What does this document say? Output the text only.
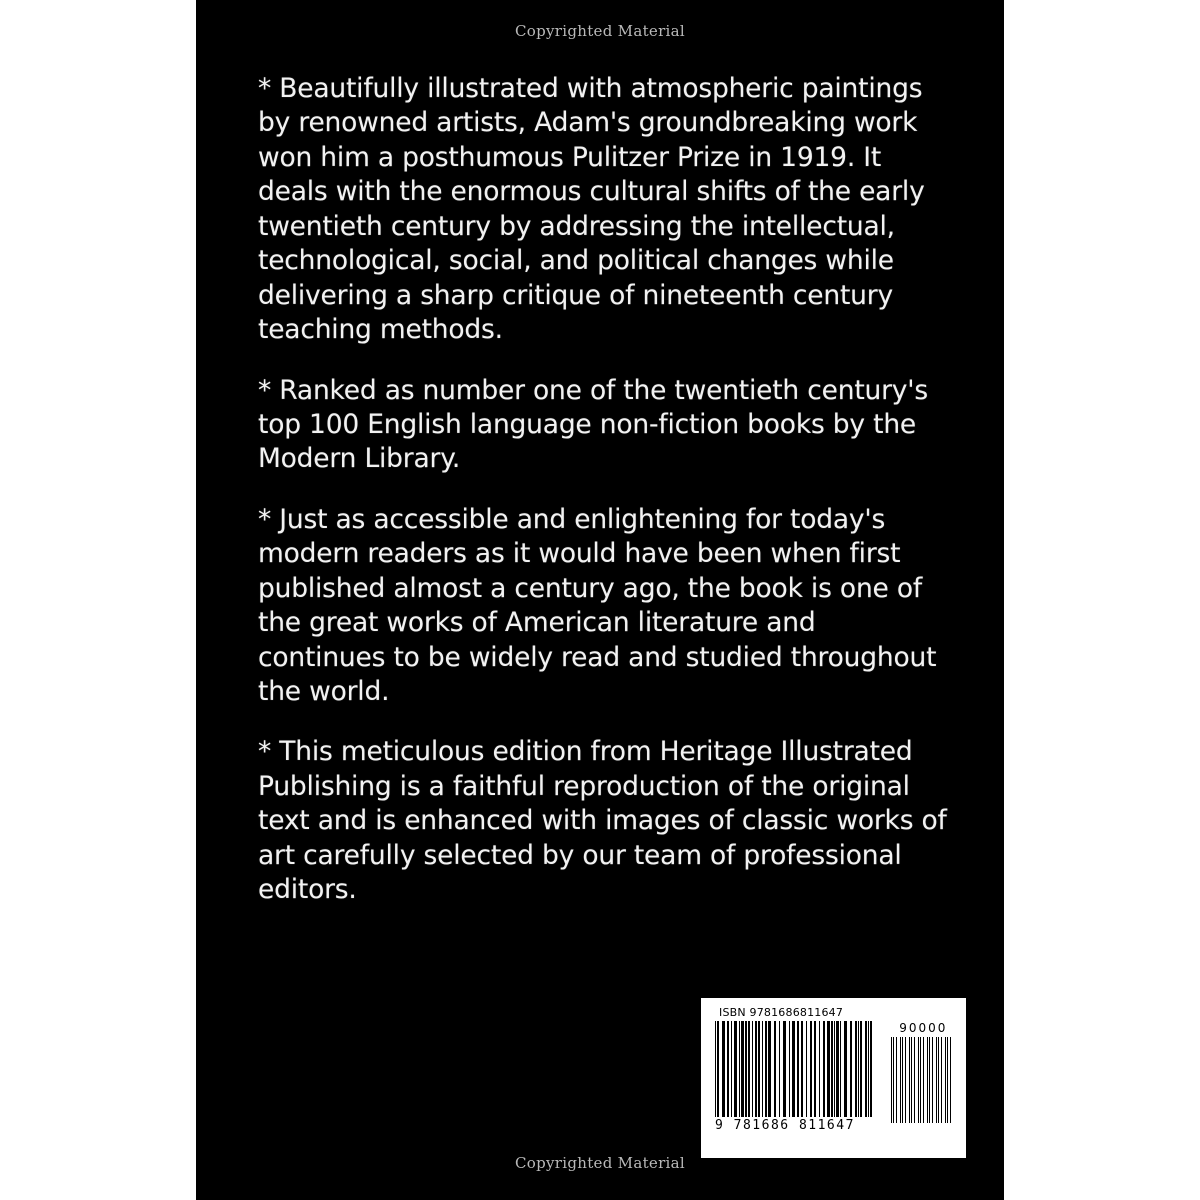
Copyrighted Material

* Beautifully illustrated with atmospheric paintings by renowned artists, Adam's groundbreaking work won him a posthumous Pulitzer Prize in 1919. It deals with the enormous cultural shifts of the early twentieth century by addressing the intellectual, technological, social, and political changes while delivering a sharp critique of nineteenth century teaching methods.

* Ranked as number one of the twentieth century's top 100 English language non-fiction books by the Modern Library.

* Just as accessible and enlightening for today's modern readers as it would have been when first published almost a century ago, the book is one of the great works of American literature and continues to be widely read and studied throughout the world.

* This meticulous edition from Heritage Illustrated Publishing is a faithful reproduction of the original text and is enhanced with images of classic works of art carefully selected by our team of professional editors.

ISBN 9781686811647
9 781686 811647
90000
Copyrighted Material
